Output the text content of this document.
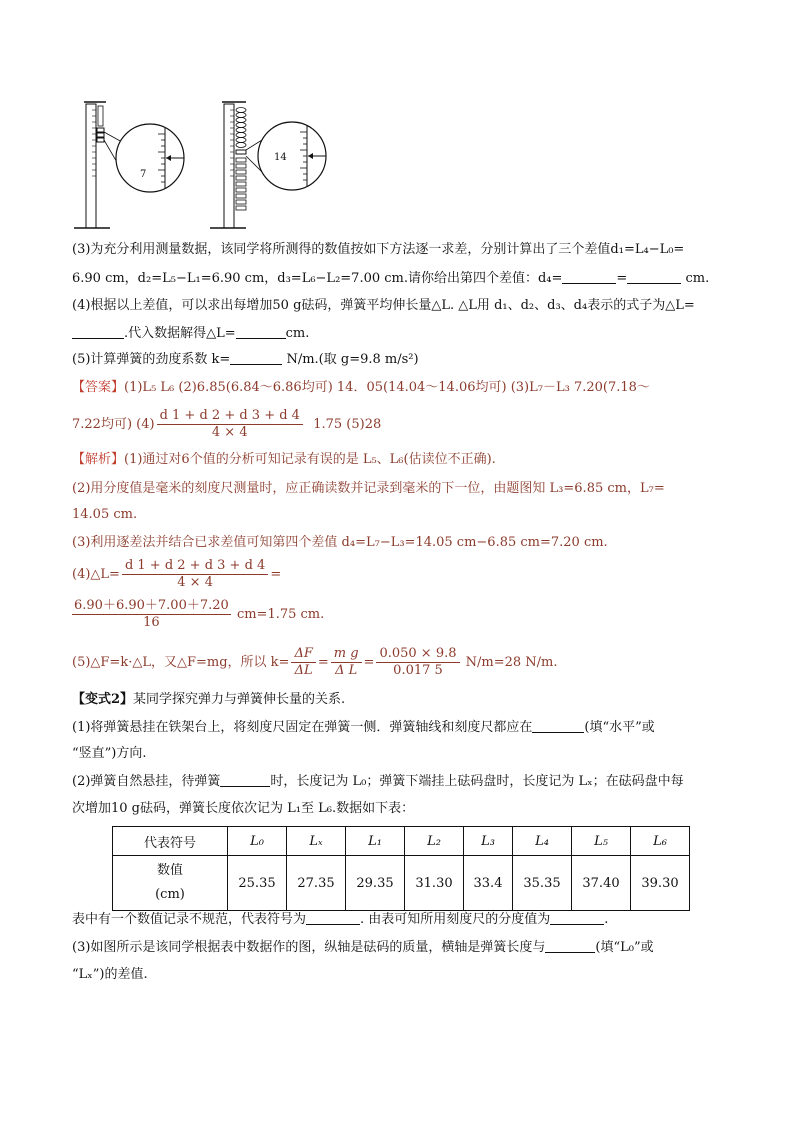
7
14
(3)为充分利用测量数据，该同学将所测得的数值按如下方法逐一求差，分别计算出了三个差值d₁=L₄−L₀=
6.90 cm，d₂=L₅−L₁=6.90 cm，d₃=L₆−L₂=7.00 cm.请你给出第四个差值：d₄=	=	cm.
(4)根据以上差值，可以求出每增加50 g砝码，弹簧平均伸长量△L. △L用 d₁、d₂、d₃、d₄表示的式子为△L=
.代入数据解得△L=	cm.
(5)计算弹簧的劲度系数 k=	N/m.(取 g=9.8 m/s²)
【答案】(1)L₅ L₆ (2)6.85(6.84～6.86均可) 14．05(14.04～14.06均可) (3)L₇－L₃ 7.20(7.18～
7.22均可) $(4) \frac{d 1 + d 2 + d 3 + d 4}{4 \times 4} 1.75$ (5)28
【解析】(1)通过对6个值的分析可知记录有误的是 L₅、L₆(估读位不正确).
(2)用分度值是毫米的刻度尺测量时，应正确读数并记录到毫米的下一位，由题图知 L₃=6.85 cm，L₇=
14.05 cm.
(3)利用逐差法并结合已求差值可知第四个差值 d₄=L₇−L₃=14.05 cm−6.85 cm=7.20 cm.
(4)△L= $\frac{d 1 + d 2 + d 3 + d 4}{4 \times 4}$ =
$\frac{6.90+6.90+7.00+7.20}{16} cm=1.75$ cm.
(5)△F=k·△L，又△F=mg，所以 $k= \frac{\Delta F}{\Delta L} = \frac{\text{m g}}{\text{Δ L}} = \frac{0.050 \times 9.8}{0.017 5} N/m=28$ N/m.
【变式2】某同学探究弹力与弹簧伸长量的关系.
(1)将弹簧悬挂在铁架台上，将刻度尺固定在弹簧一侧．弹簧轴线和刻度尺都应在	(填“水平”或
“竖直”)方向.
(2)弹簧自然悬挂，待弹簧	时，长度记为 L₀；弹簧下端挂上砝码盘时，长度记为 Lₓ；在砝码盘中每
次增加10 g砝码，弹簧长度依次记为 L₁至 L₆.数据如下表：
代表符号	L₀	Lₓ	L₁	L₂	L₃	L₄	L₅	L₆
数值
(cm)	25.35	27.35	29.35	31.30	33.4	35.35	37.40	39.30
表中有一个数值记录不规范，代表符号为	. 由表可知所用刻度尺的分度值为	.
(3)如图所示是该同学根据表中数据作的图，纵轴是砝码的质量，横轴是弹簧长度与	(填“L₀”或
“Lₓ”)的差值.
